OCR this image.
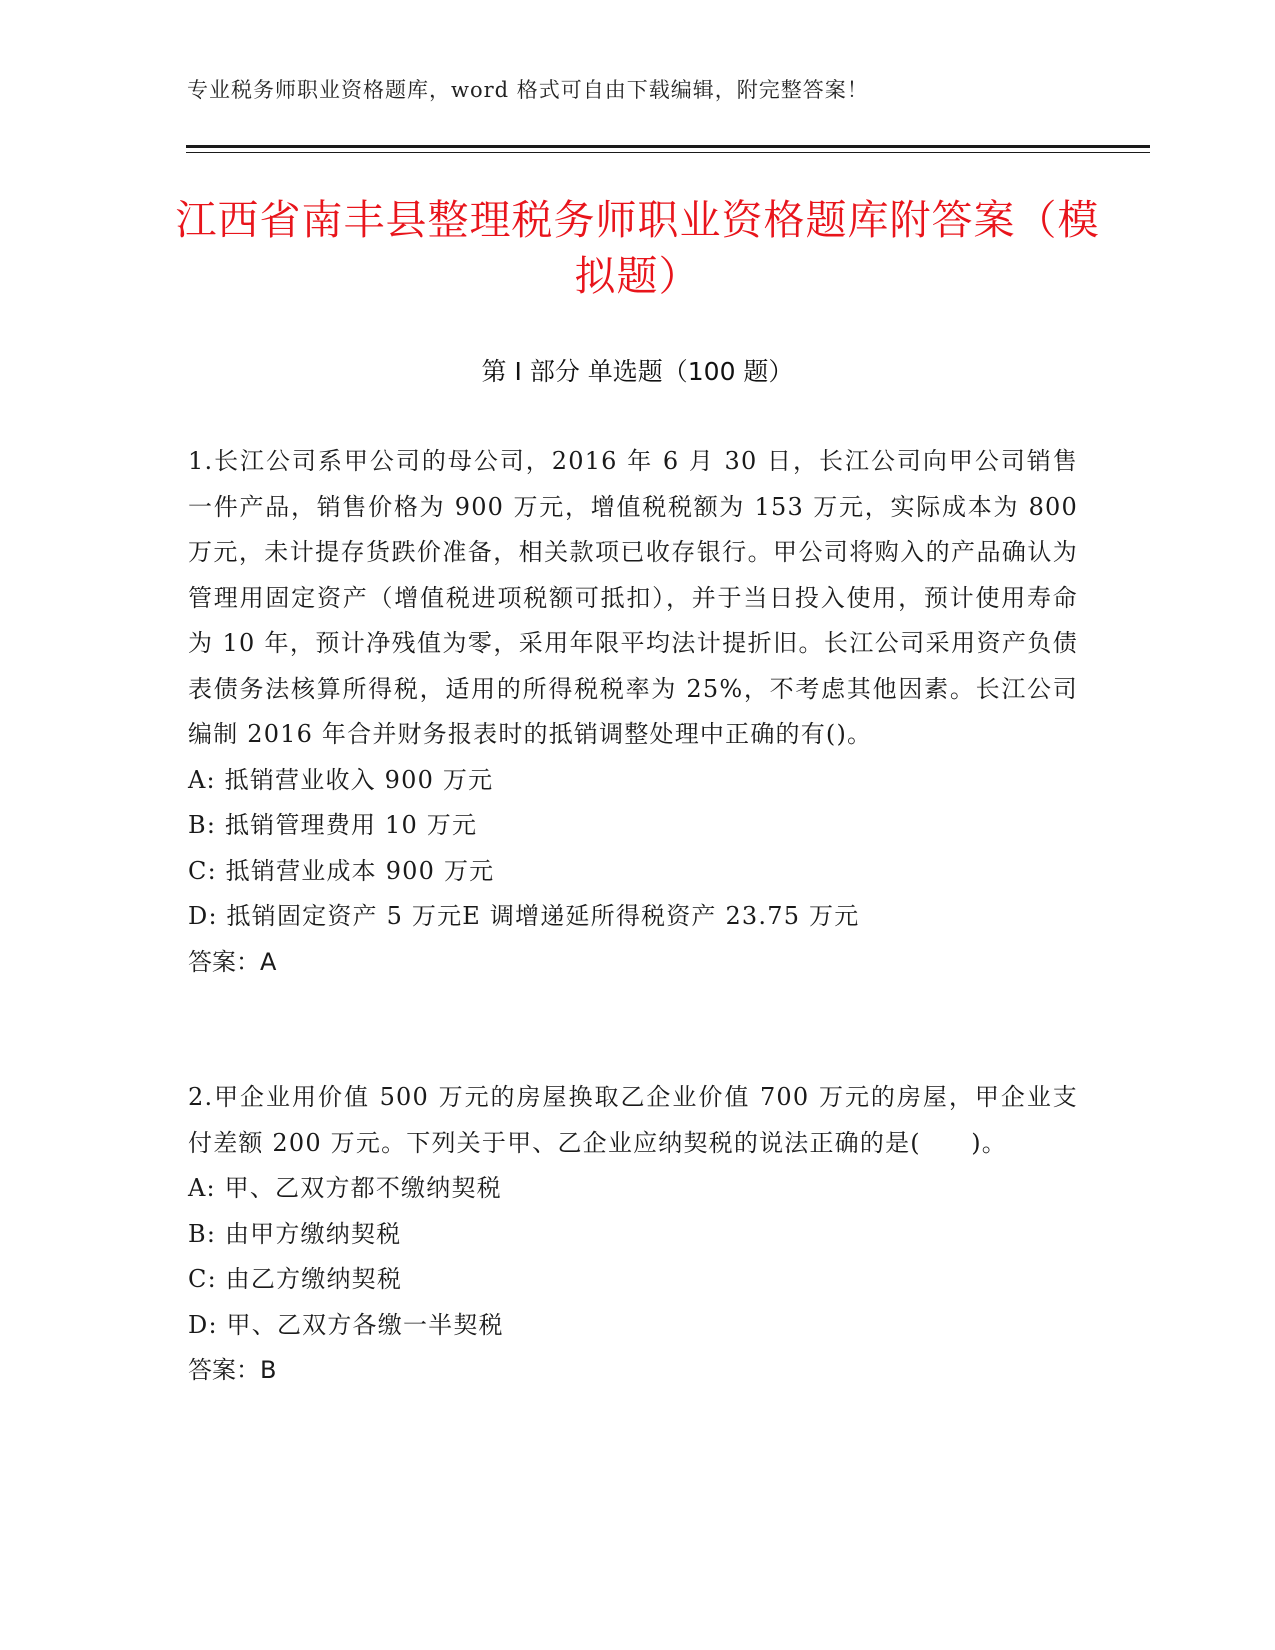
专业税务师职业资格题库，word 格式可自由下载编辑，附完整答案！
江西省南丰县整理税务师职业资格题库附答案（模拟题）
第 I 部分 单选题（100 题）

1.长江公司系甲公司的母公司，2016 年 6 月 30 日，长江公司向甲公司销售一件产品，销售价格为 900 万元，增值税税额为 153 万元，实际成本为 800 万元，未计提存货跌价准备，相关款项已收存银行。甲公司将购入的产品确认为管理用固定资产（增值税进项税额可抵扣），并于当日投入使用，预计使用寿命为 10 年，预计净残值为零，采用年限平均法计提折旧。长江公司采用资产负债表债务法核算所得税，适用的所得税税率为 25%，不考虑其他因素。长江公司编制 2016 年合并财务报表时的抵销调整处理中正确的有()。

A: 抵销营业收入 900 万元
B: 抵销管理费用 10 万元
C: 抵销营业成本 900 万元
D: 抵销固定资产 5 万元E 调增递延所得税资产 23.75 万元
答案：A

2.甲企业用价值 500 万元的房屋换取乙企业价值 700 万元的房屋，甲企业支付差额 200 万元。下列关于甲、乙企业应纳契税的说法正确的是(　　)。

A: 甲、乙双方都不缴纳契税
B: 由甲方缴纳契税
C: 由乙方缴纳契税
D: 甲、乙双方各缴一半契税
答案：B
